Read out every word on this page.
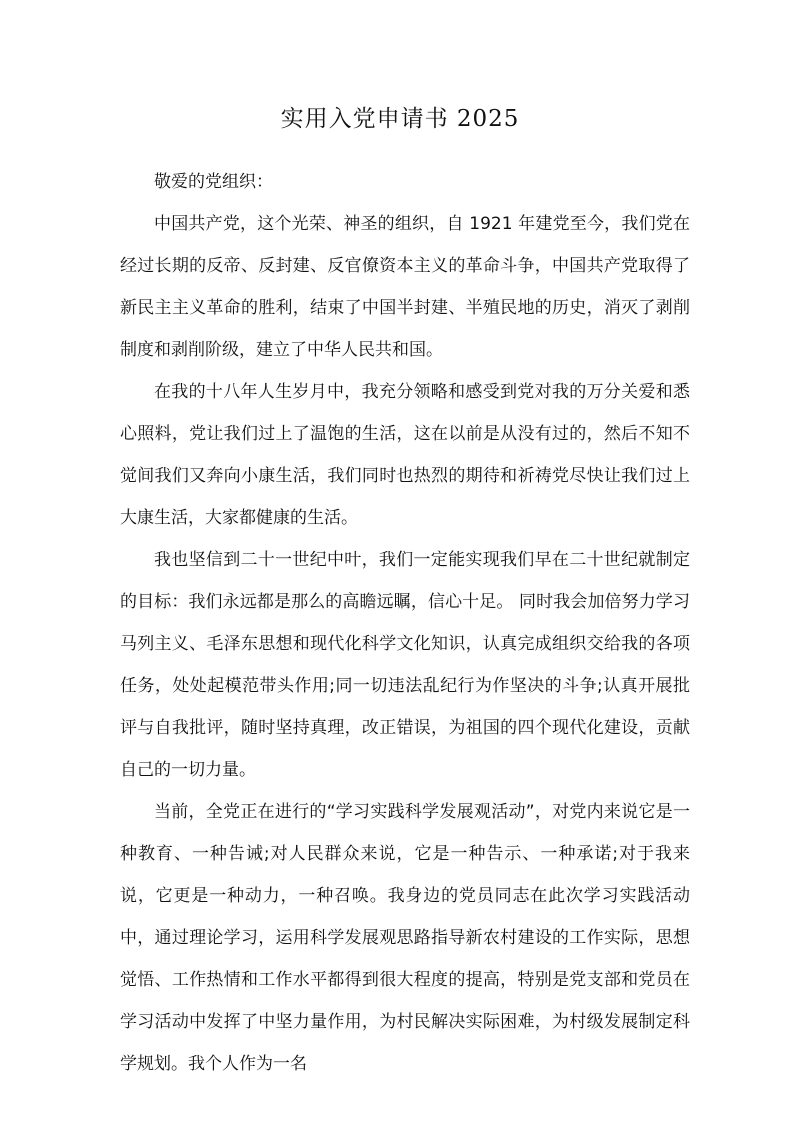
实用入党申请书 2025

敬爱的党组织：

中国共产党，这个光荣、神圣的组织，自 1921 年建党至今，我们党在经过长期的反帝、反封建、反官僚资本主义的革命斗争，中国共产党取得了新民主主义革命的胜利，结束了中国半封建、半殖民地的历史，消灭了剥削制度和剥削阶级，建立了中华人民共和国。

在我的十八年人生岁月中，我充分领略和感受到党对我的万分关爱和悉心照料，党让我们过上了温饱的生活，这在以前是从没有过的，然后不知不觉间我们又奔向小康生活，我们同时也热烈的期待和祈祷党尽快让我们过上大康生活，大家都健康的生活。

我也坚信到二十一世纪中叶，我们一定能实现我们早在二十世纪就制定的目标：我们永远都是那么的高瞻远瞩，信心十足。 同时我会加倍努力学习马列主义、毛泽东思想和现代化科学文化知识，认真完成组织交给我的各项任务，处处起模范带头作用;同一切违法乱纪行为作坚决的斗争;认真开展批评与自我批评，随时坚持真理，改正错误，为祖国的四个现代化建设，贡献自己的一切力量。

当前，全党正在进行的“学习实践科学发展观活动”，对党内来说它是一种教育、一种告诫;对人民群众来说，它是一种告示、一种承诺;对于我来说，它更是一种动力，一种召唤。我身边的党员同志在此次学习实践活动中，通过理论学习，运用科学发展观思路指导新农村建设的工作实际，思想觉悟、工作热情和工作水平都得到很大程度的提高，特别是党支部和党员在学习活动中发挥了中坚力量作用，为村民解决实际困难，为村级发展制定科学规划。我个人作为一名
